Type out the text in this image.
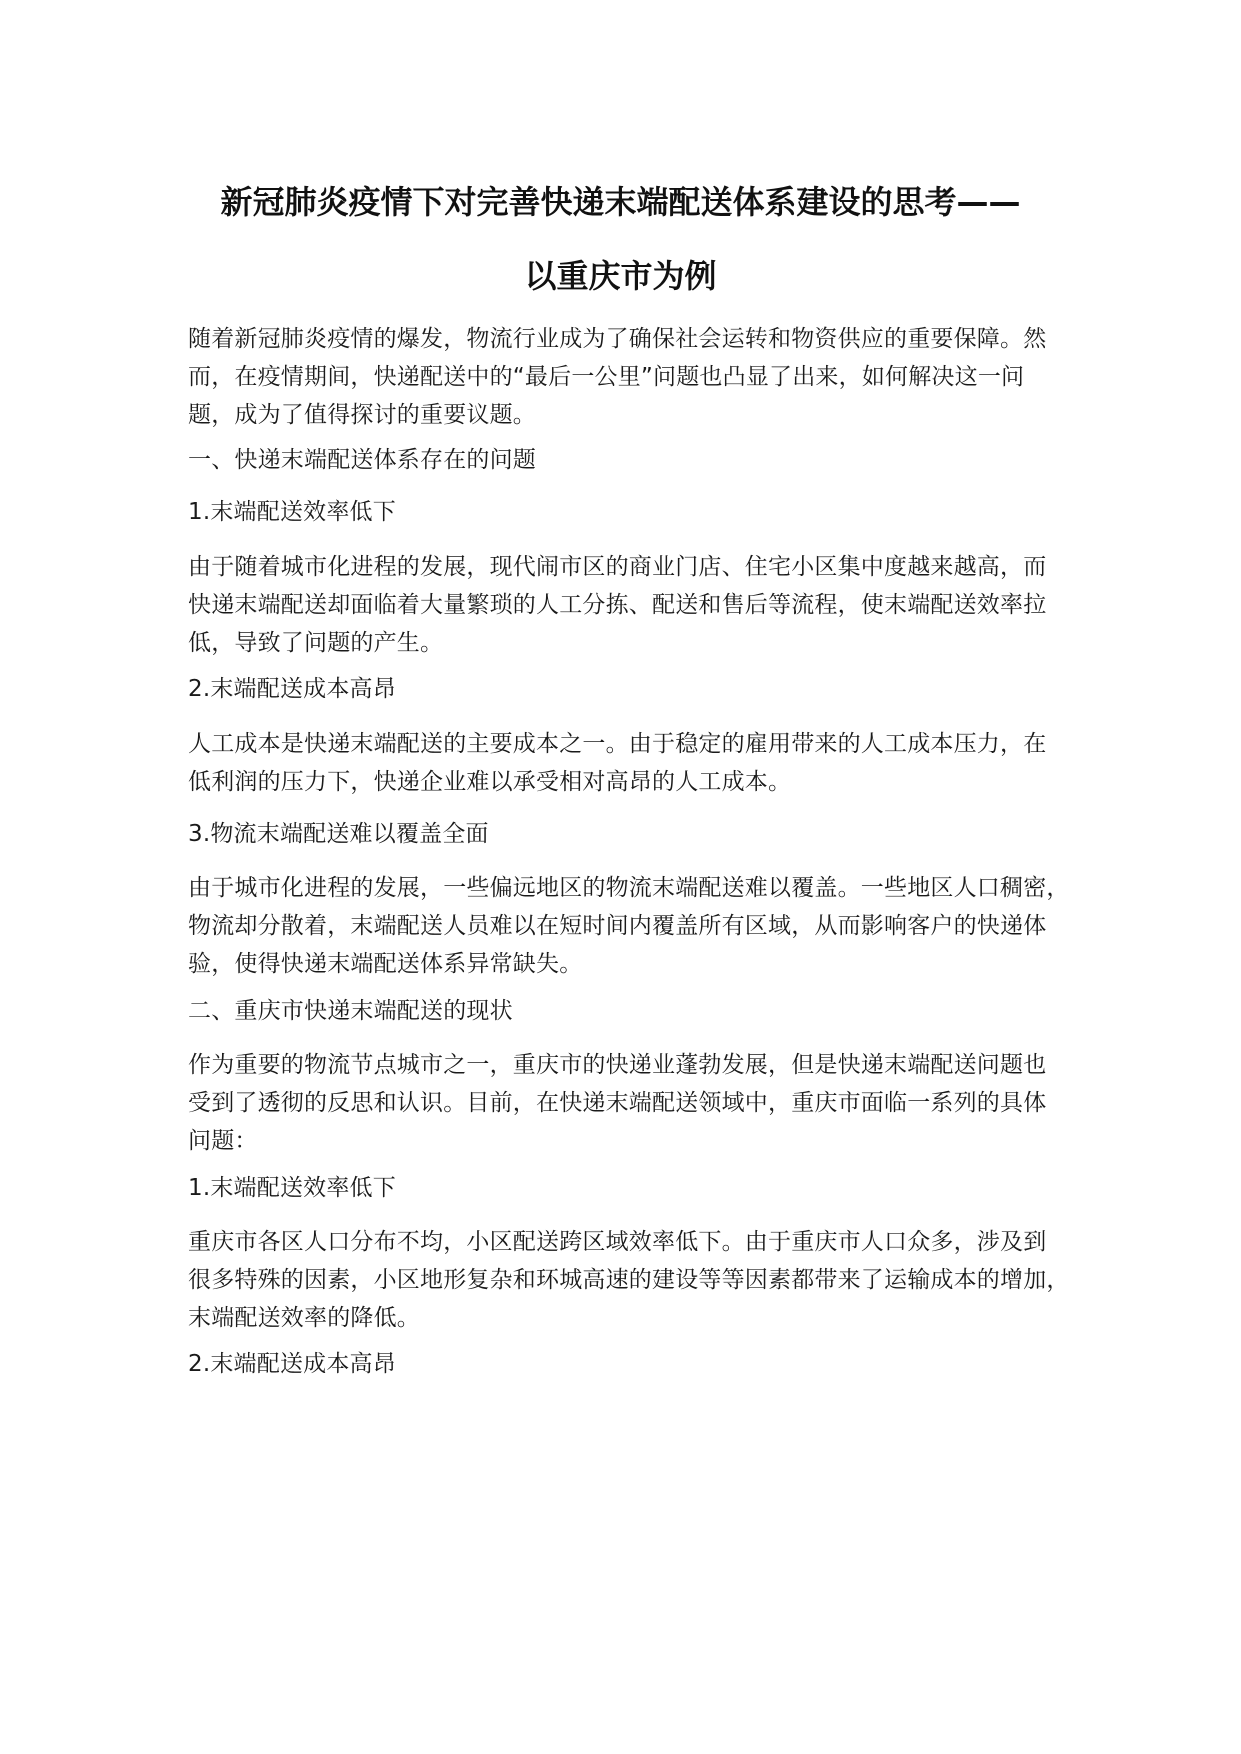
新冠肺炎疫情下对完善快递末端配送体系建设的思考——
以重庆市为例
随着新冠肺炎疫情的爆发，物流行业成为了确保社会运转和物资供应的重要保障。然
而，在疫情期间，快递配送中的“最后一公里”问题也凸显了出来，如何解决这一问
题，成为了值得探讨的重要议题。
一、快递末端配送体系存在的问题
1.末端配送效率低下
由于随着城市化进程的发展，现代闹市区的商业门店、住宅小区集中度越来越高，而
快递末端配送却面临着大量繁琐的人工分拣、配送和售后等流程，使末端配送效率拉
低，导致了问题的产生。
2.末端配送成本高昂
人工成本是快递末端配送的主要成本之一。由于稳定的雇用带来的人工成本压力，在
低利润的压力下，快递企业难以承受相对高昂的人工成本。
3.物流末端配送难以覆盖全面
由于城市化进程的发展，一些偏远地区的物流末端配送难以覆盖。一些地区人口稠密，
物流却分散着，末端配送人员难以在短时间内覆盖所有区域，从而影响客户的快递体
验，使得快递末端配送体系异常缺失。
二、重庆市快递末端配送的现状
作为重要的物流节点城市之一，重庆市的快递业蓬勃发展，但是快递末端配送问题也
受到了透彻的反思和认识。目前，在快递末端配送领域中，重庆市面临一系列的具体
问题：
1.末端配送效率低下
重庆市各区人口分布不均，小区配送跨区域效率低下。由于重庆市人口众多，涉及到
很多特殊的因素，小区地形复杂和环城高速的建设等等因素都带来了运输成本的增加，
末端配送效率的降低。
2.末端配送成本高昂
